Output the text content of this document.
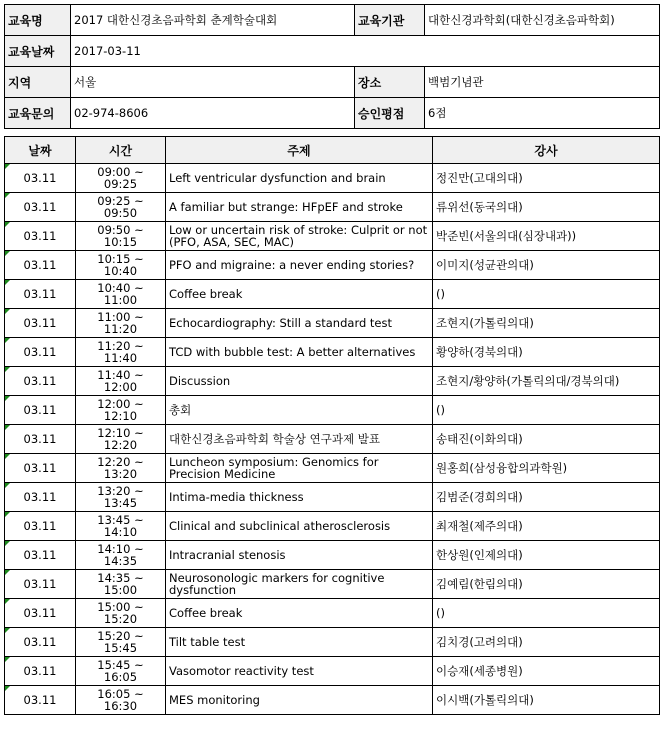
교육명	2017 대한신경초음파학회 춘계학술대회	교육기관	대한신경과학회(대한신경초음파학회)
교육날짜	2017-03-11		
지역	서울	장소	백범기념관
교육문의	02-974-8606	승인평점	6점
날짜	시간	주제	강사

03.11	09:00 ~ 09:25	Left ventricular dysfunction and brain	정진만(고대의대)

03.11	09:25 ~ 09:50	A familiar but strange: HFpEF and stroke	류위선(동국의대)

03.11	09:50 ~ 10:15	Low or uncertain risk of stroke: Culprit or not (PFO, ASA, SEC, MAC)	박준빈(서울의대(심장내과))

03.11	10:15 ~ 10:40	PFO and migraine: a never ending stories?	이미지(성균관의대)

03.11	10:40 ~ 11:00	Coffee break	()

03.11	11:00 ~ 11:20	Echocardiography: Still a standard test	조현지(가톨릭의대)

03.11	11:20 ~ 11:40	TCD with bubble test: A better alternatives	황양하(경북의대)

03.11	11:40 ~ 12:00	Discussion	조현지/황양하(가톨릭의대/경북의대)

03.11	12:00 ~ 12:10	총회	()

03.11	12:10 ~ 12:20	대한신경초음파학회 학술상 연구과제 발표	송태진(이화의대)

03.11	12:20 ~ 13:20	Luncheon symposium: Genomics for Precision Medicine	원홍희(삼성융합의과학원)

03.11	13:20 ~ 13:45	Intima-media thickness	김범준(경희의대)

03.11	13:45 ~ 14:10	Clinical and subclinical atherosclerosis	최재철(제주의대)

03.11	14:10 ~ 14:35	Intracranial stenosis	한상원(인제의대)

03.11	14:35 ~ 15:00	Neurosonologic markers for cognitive dysfunction	김예림(한림의대)

03.11	15:00 ~ 15:20	Coffee break	()

03.11	15:20 ~ 15:45	Tilt table test	김치경(고려의대)

03.11	15:45 ~ 16:05	Vasomotor reactivity test	이승재(세종병원)

03.11	16:05 ~ 16:30	MES monitoring	이시백(가톨릭의대)
